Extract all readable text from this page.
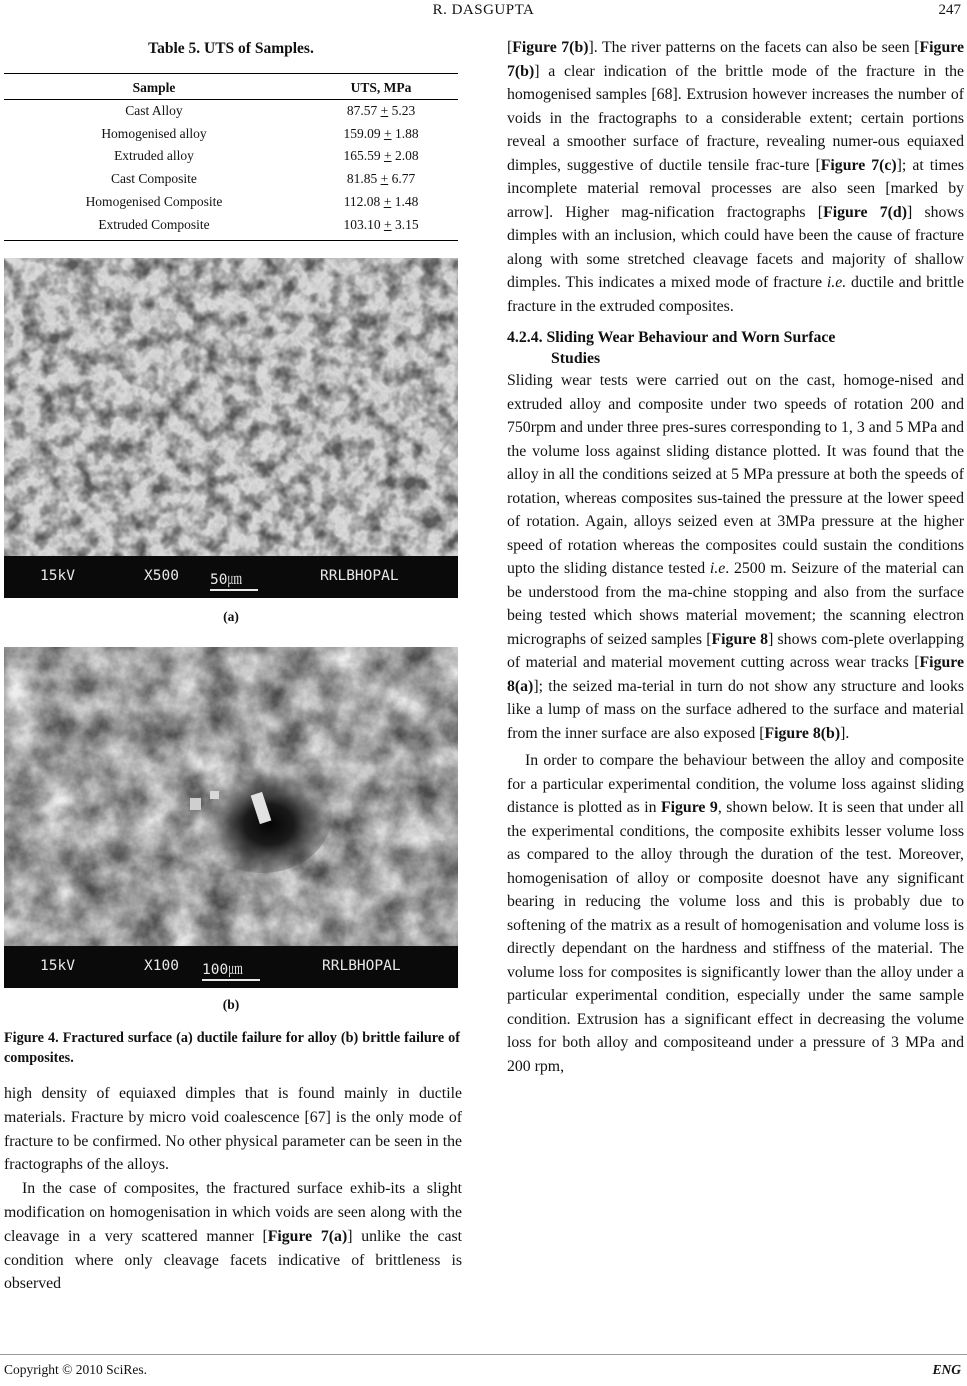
R. DASGUPTA	247
Table 5. UTS of Samples.
Sample	UTS, MPa
Cast Alloy	87.57 + 5.23
Homogenised alloy	159.09 + 1.88
Extruded alloy	165.59 + 2.08
Cast Composite	81.85 + 6.77
Homogenised Composite	112.08 + 1.48
Extruded Composite	103.10 + 3.15
15kV	X500 50㎛	RRLBHOPAL
(a)
15kV	X100 100㎛	RRLBHOPAL
(b)
Figure 4. Fractured surface (a) ductile failure for alloy (b) brittle failure of composites.

high density of equiaxed dimples that is found mainly in ductile materials. Fracture by micro void coalescence [67] is the only mode of fracture to be confirmed. No other physical parameter can be seen in the fractographs of the alloys.

In the case of composites, the fractured surface exhib-its a slight modification on homogenisation in which voids are seen along with the cleavage in a very scattered manner [Figure 7(a)] unlike the cast condition where only cleavage facets indicative of brittleness is observed

[Figure 7(b)]. The river patterns on the facets can also be seen [Figure 7(b)] a clear indication of the brittle mode of the fracture in the homogenised samples [68]. Extrusion however increases the number of voids in the fractographs to a considerable extent; certain portions reveal a smoother surface of fracture, revealing numer-ous equiaxed dimples, suggestive of ductile tensile frac-ture [Figure 7(c)]; at times incomplete material removal processes are also seen [marked by arrow]. Higher mag-nification fractographs [Figure 7(d)] shows dimples with an inclusion, which could have been the cause of fracture along with some stretched cleavage facets and majority of shallow dimples. This indicates a mixed mode of fracture i.e. ductile and brittle fracture in the extruded composites.

4.2.4. Sliding Wear Behaviour and Worn Surface
Studies

Sliding wear tests were carried out on the cast, homoge-nised and extruded alloy and composite under two speeds of rotation 200 and 750rpm and under three pres-sures corresponding to 1, 3 and 5 MPa and the volume loss against sliding distance plotted. It was found that the alloy in all the conditions seized at 5 MPa pressure at both the speeds of rotation, whereas composites sus-tained the pressure at the lower speed of rotation. Again, alloys seized even at 3MPa pressure at the higher speed of rotation whereas the composites could sustain the conditions upto the sliding distance tested i.e. 2500 m. Seizure of the material can be understood from the ma-chine stopping and also from the surface being tested which shows material movement; the scanning electron micrographs of seized samples [Figure 8] shows com-plete overlapping of material and material movement cutting across wear tracks [Figure 8(a)]; the seized ma-terial in turn do not show any structure and looks like a lump of mass on the surface adhered to the surface and material from the inner surface are also exposed [Figure 8(b)].

In order to compare the behaviour between the alloy and composite for a particular experimental condition, the volume loss against sliding distance is plotted as in Figure 9, shown below. It is seen that under all the experimental conditions, the composite exhibits lesser volume loss as compared to the alloy through the duration of the test. Moreover, homogenisation of alloy or composite doesnot have any significant bearing in reducing the volume loss and this is probably due to softening of the matrix as a result of homogenisation and volume loss is directly dependant on the hardness and stiffness of the material. The volume loss for composites is significantly lower than the alloy under a particular experimental condition, especially under the same sample condition. Extrusion has a significant effect in decreasing the volume loss for both alloy and compositeand under a pressure of 3 MPa and 200 rpm,

Copyright © 2010 SciRes.	ENG
